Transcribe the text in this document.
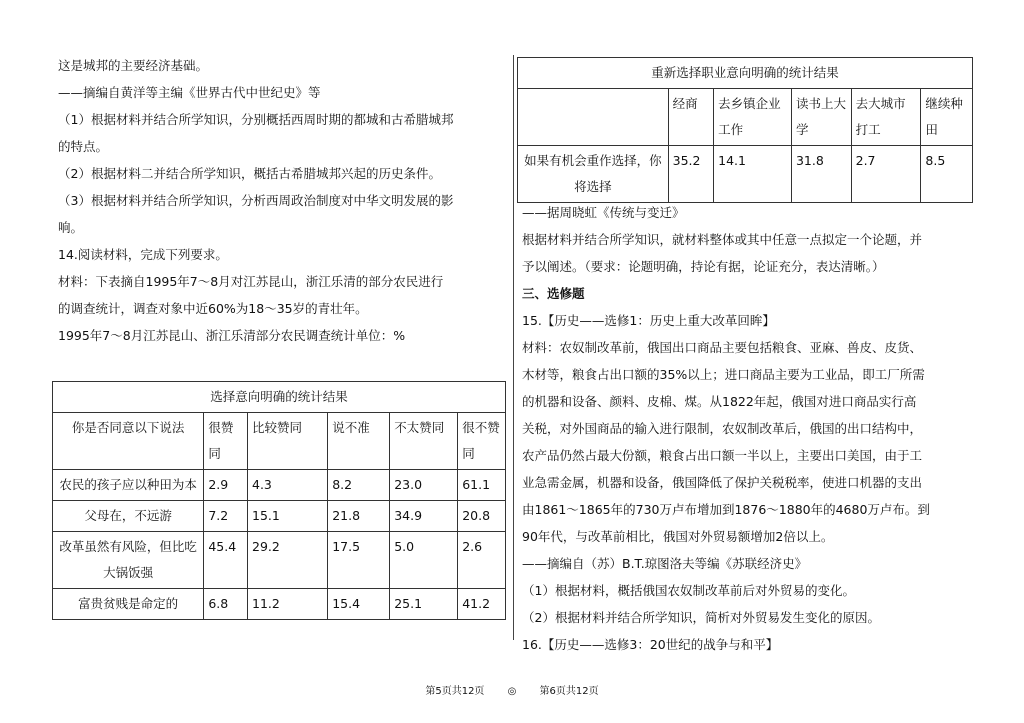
这是城邦的主要经济基础。
——摘编自黄洋等主编《世界古代中世纪史》等
（1）根据材料并结合所学知识，分别概括西周时期的都城和古希腊城邦
的特点。
（2）根据材料二并结合所学知识，概括古希腊城邦兴起的历史条件。
（3）根据材料并结合所学知识，分析西周政治制度对中华文明发展的影
响。
14.阅读材料，完成下列要求。
材料：下表摘自1995年7～8月对江苏昆山，浙江乐清的部分农民进行
的调查统计，调查对象中近60%为18～35岁的青壮年。
1995年7～8月江苏昆山、浙江乐清部分农民调查统计单位：%
选择意向明确的统计结果					
你是否同意以下说法	很赞同	比较赞同	说不准	不太赞同	很不赞同
农民的孩子应以种田为本	2.9	4.3	8.2	23.0	61.1
父母在，不远游	7.2	15.1	21.8	34.9	20.8
改革虽然有风险，但比吃大锅饭强	45.4	29.2	17.5	5.0	2.6
富贵贫贱是命定的	6.8	11.2	15.4	25.1	41.2
重新选择职业意向明确的统计结果					
	经商	去乡镇企业工作	读书上大学	去大城市打工	继续种田
如果有机会重作选择，你将选择	35.2	14.1	31.8	2.7	8.5
——据周晓虹《传统与变迁》
根据材料并结合所学知识，就材料整体或其中任意一点拟定一个论题，并
予以阐述。（要求：论题明确，持论有据，论证充分，表达清晰。）
三、选修题
15.【历史——选修1：历史上重大改革回眸】
材料：农奴制改革前，俄国出口商品主要包括粮食、亚麻、兽皮、皮货、
木材等，粮食占出口额的35%以上；进口商品主要为工业品，即工厂所需
的机器和设备、颜料、皮棉、煤。从1822年起，俄国对进口商品实行高
关税，对外国商品的输入进行限制，农奴制改革后，俄国的出口结构中，
农产品仍然占最大份额，粮食占出口额一半以上，主要出口美国，由于工
业急需金属，机器和设备，俄国降低了保护关税税率，使进口机器的支出
由1861～1865年的730万卢布增加到1876～1880年的4680万卢布。到
90年代，与改革前相比，俄国对外贸易额增加2倍以上。
——摘编自（苏）B.T.琼图洛夫等编《苏联经济史》
（1）根据材料，概括俄国农奴制改革前后对外贸易的变化。
（2）根据材料并结合所学知识，简析对外贸易发生变化的原因。
16.【历史——选修3：20世纪的战争与和平】
第5页共12页 ◎ 第6页共12页
